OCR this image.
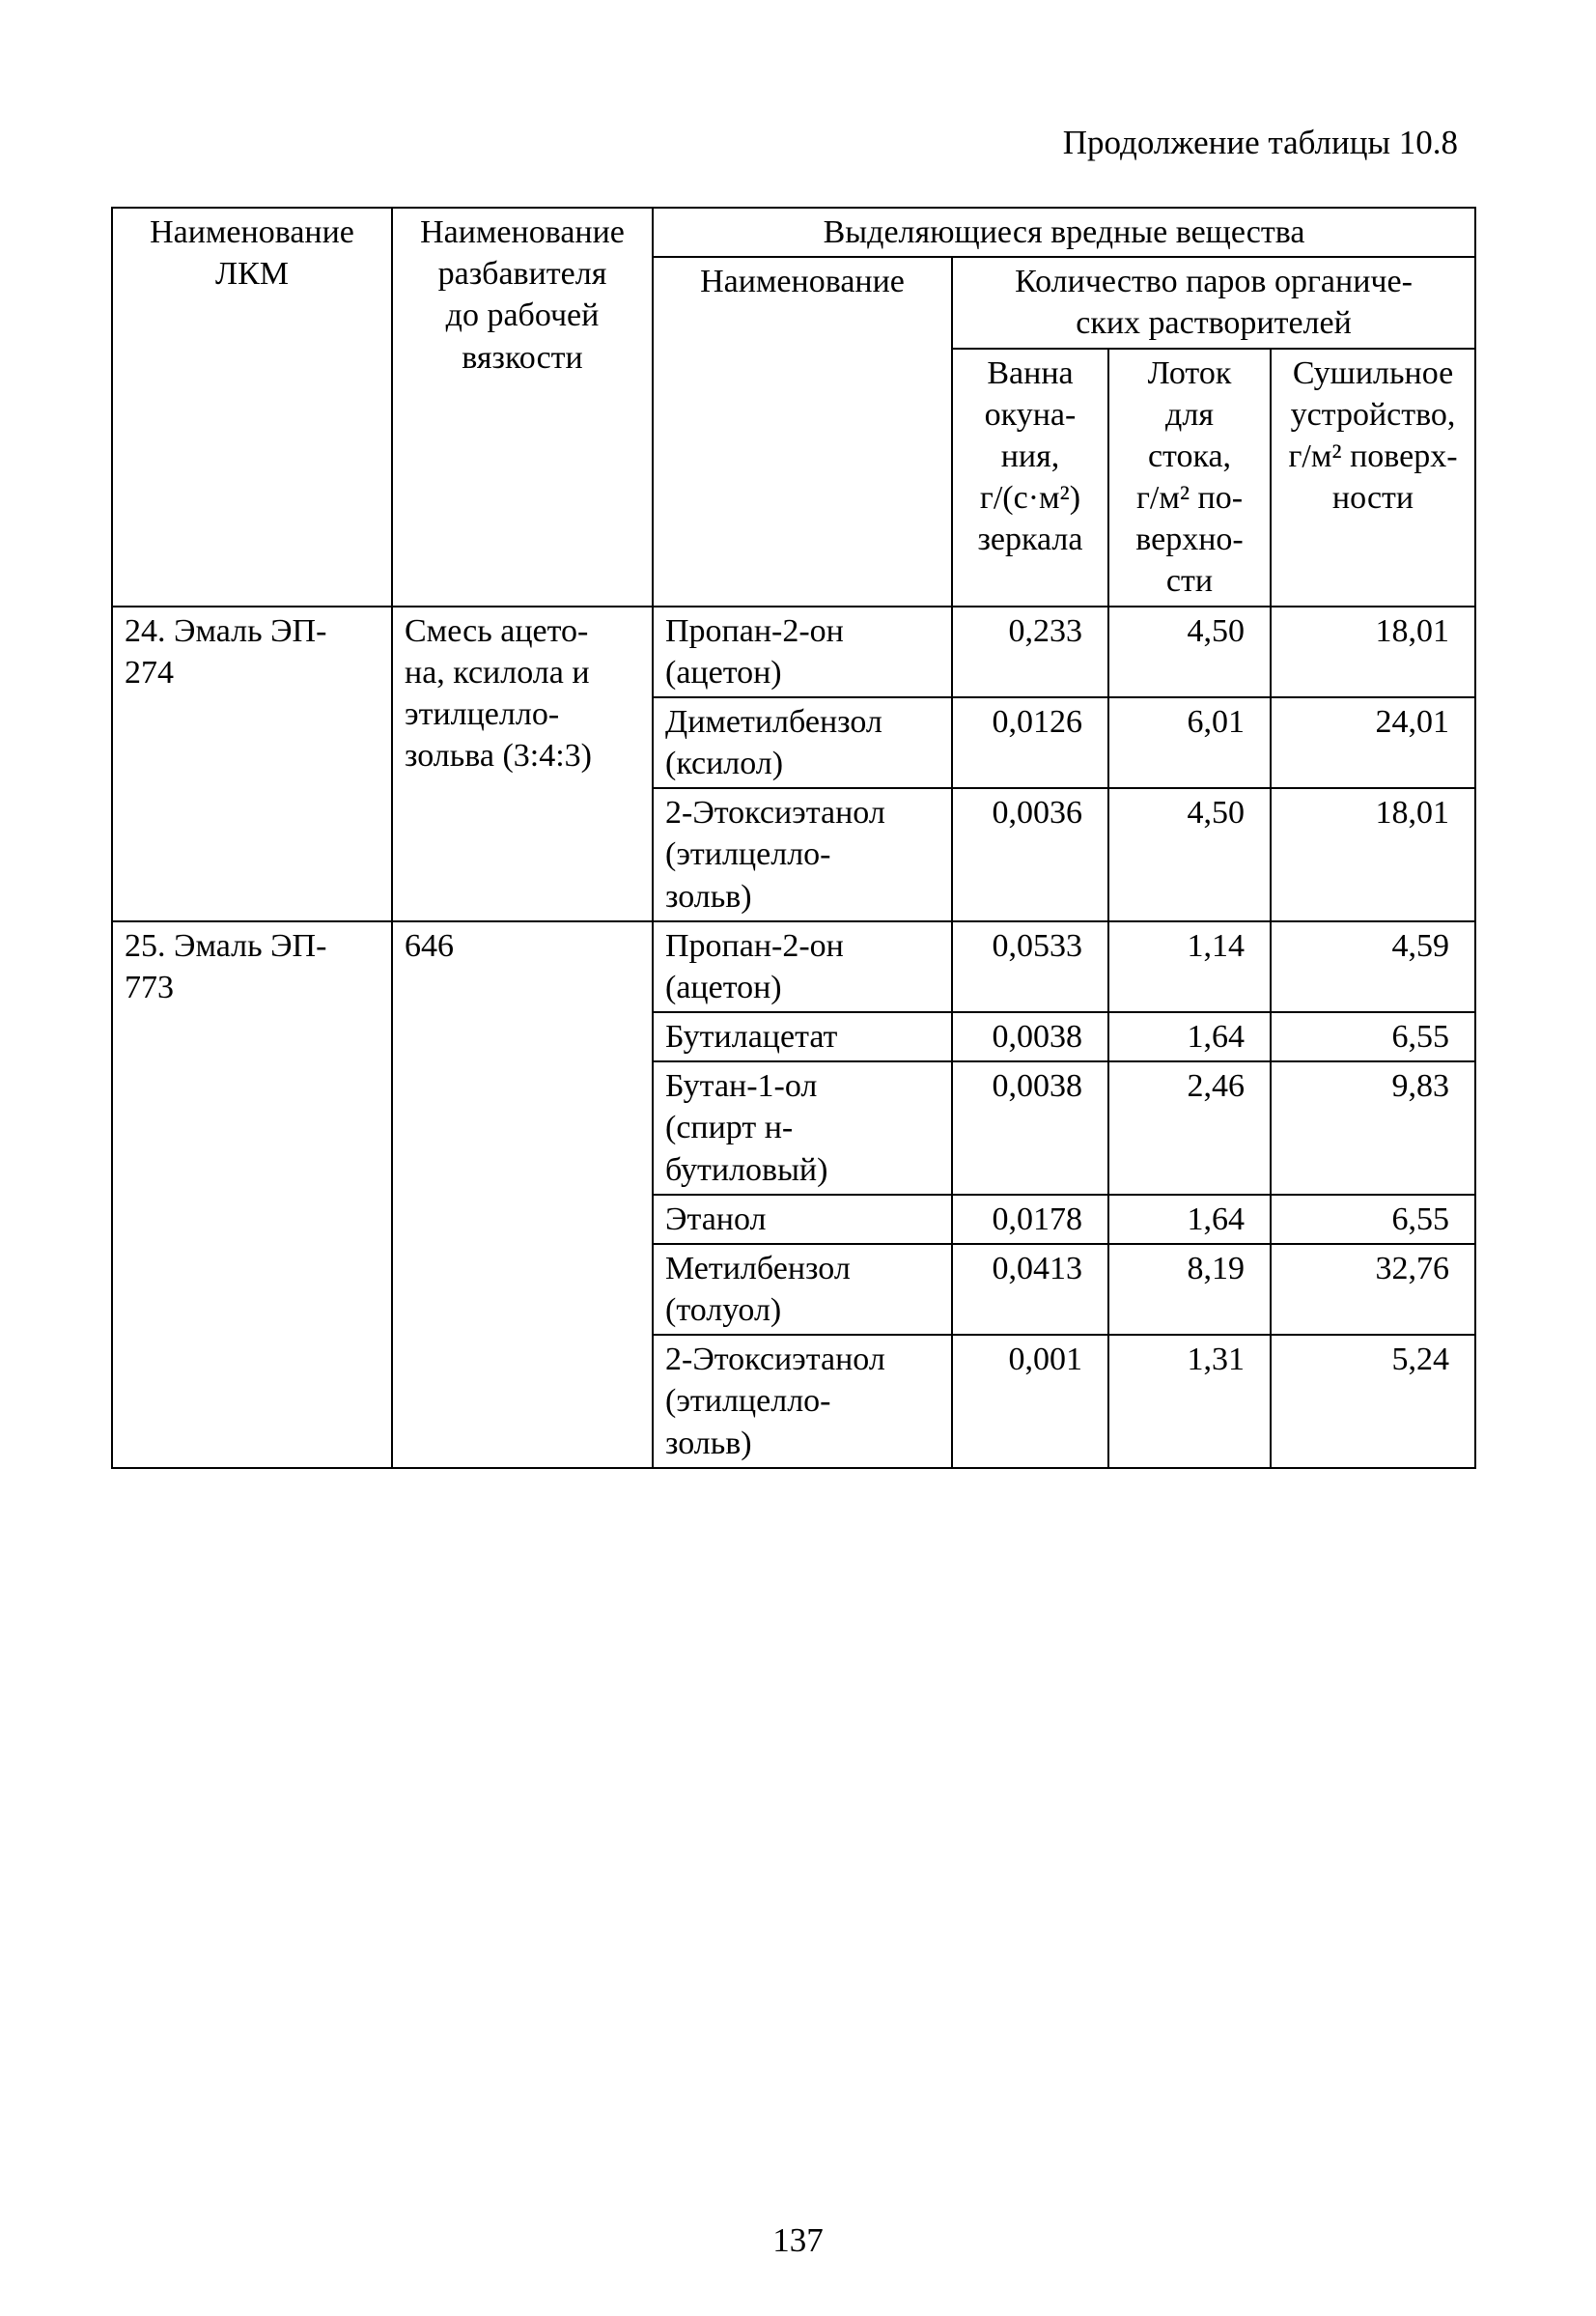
Продолжение таблицы 10.8
Наименование
ЛКМ	Наименование
разбавителя
до рабочей
вязкости	Выделяющиеся вредные вещества			
		Наименование	Количество паров органиче-
ских растворителей		
			Ванна
окуна-
ния,
г/(с·м²)
зеркала	Лоток для
стока,
г/м² по-
верхно-
сти	Сушильное
устройство,
г/м² поверх-
ности
24. Эмаль ЭП-
274	Смесь ацето-
на, ксилола и
этилцелло-
зольва (3:4:3)	Пропан-2-он
(ацетон)	0,233	4,50	18,01
		Диметилбензол
(ксилол)	0,0126	6,01	24,01
		2-Этоксиэтанол
(этилцелло-
зольв)	0,0036	4,50	18,01
25. Эмаль ЭП-
773	646	Пропан-2-он
(ацетон)	0,0533	1,14	4,59
		Бутилацетат	0,0038	1,64	6,55
		Бутан-1-ол
(спирт н-
бутиловый)	0,0038	2,46	9,83
		Этанол	0,0178	1,64	6,55
		Метилбензол
(толуол)	0,0413	8,19	32,76
		2-Этоксиэтанол
(этилцелло-
зольв)	0,001	1,31	5,24
137
